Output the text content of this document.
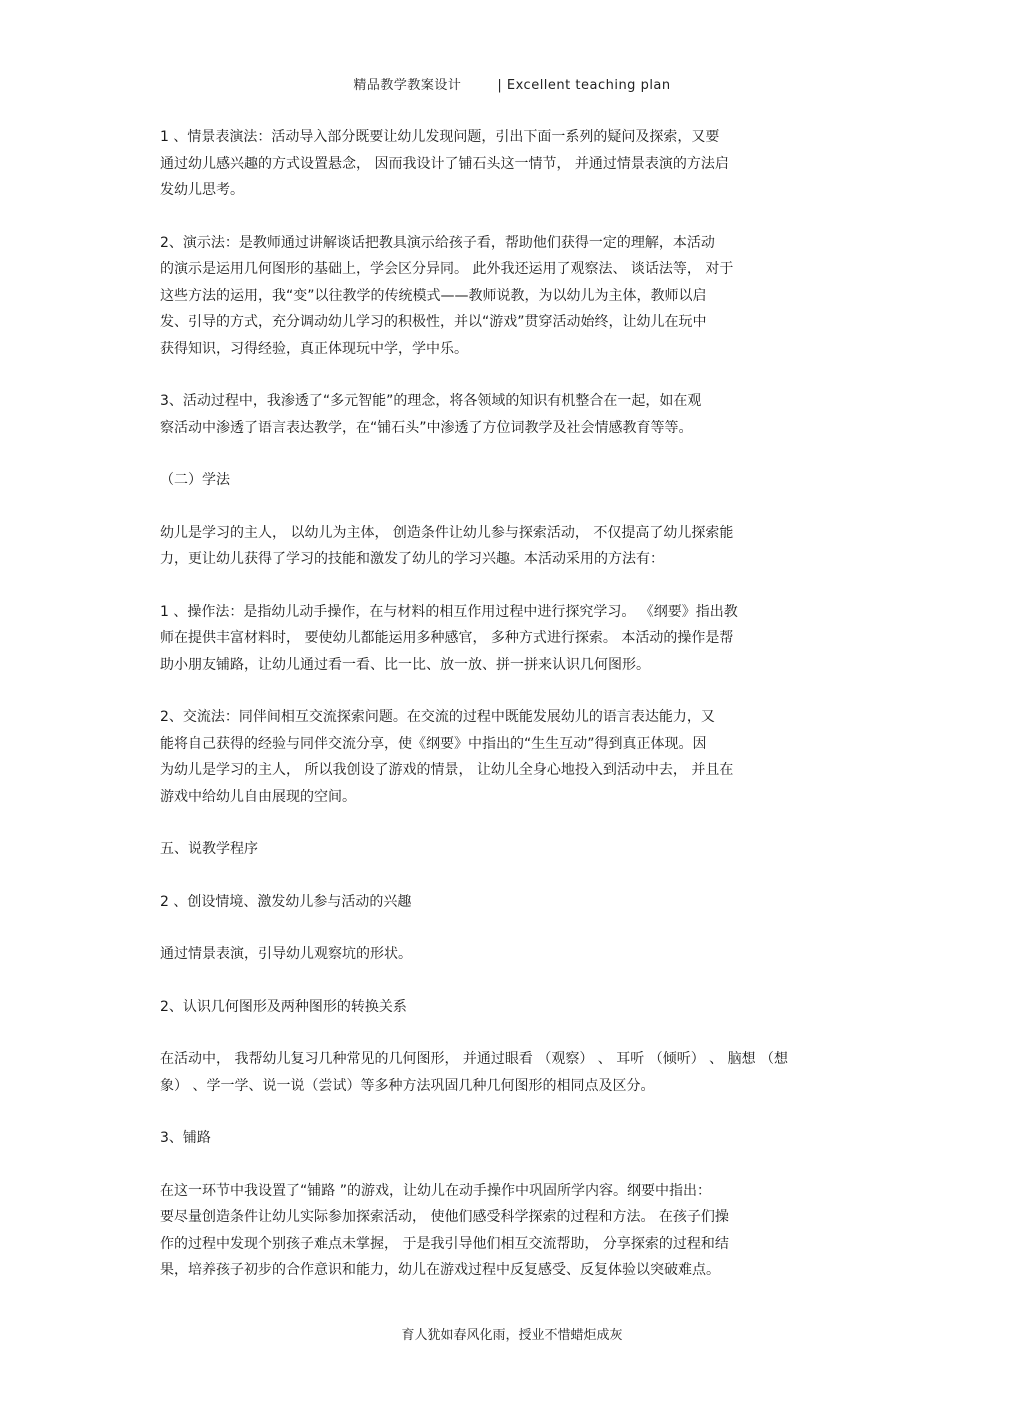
精品教学教案设计	| Excellent teaching plan

1 、情景表演法：活动导入部分既要让幼儿发现问题，引出下面一系列的疑问及探索，又要
通过幼儿感兴趣的方式设置悬念， 因而我设计了铺石头这一情节， 并通过情景表演的方法启
发幼儿思考。

2、演示法：是教师通过讲解谈话把教具演示给孩子看，帮助他们获得一定的理解，本活动
的演示是运用几何图形的基础上，学会区分异同。 此外我还运用了观察法、 谈话法等， 对于
这些方法的运用，我“变”以往教学的传统模式——教师说教，为以幼儿为主体，教师以启
发、引导的方式，充分调动幼儿学习的积极性，并以“游戏”贯穿活动始终，让幼儿在玩中
获得知识，习得经验，真正体现玩中学，学中乐。

3、活动过程中，我渗透了“多元智能”的理念，将各领域的知识有机整合在一起，如在观
察活动中渗透了语言表达教学，在“铺石头”中渗透了方位词教学及社会情感教育等等。

（二）学法

幼儿是学习的主人， 以幼儿为主体， 创造条件让幼儿参与探索活动， 不仅提高了幼儿探索能
力，更让幼儿获得了学习的技能和激发了幼儿的学习兴趣。本活动采用的方法有：

1 、操作法：是指幼儿动手操作，在与材料的相互作用过程中进行探究学习。 《纲要》指出教
师在提供丰富材料时， 要使幼儿都能运用多种感官， 多种方式进行探索。 本活动的操作是帮
助小朋友铺路，让幼儿通过看一看、比一比、放一放、拼一拼来认识几何图形。

2、交流法：同伴间相互交流探索问题。在交流的过程中既能发展幼儿的语言表达能力，又
能将自己获得的经验与同伴交流分享，使《纲要》中指出的“生生互动”得到真正体现。因
为幼儿是学习的主人， 所以我创设了游戏的情景， 让幼儿全身心地投入到活动中去， 并且在
游戏中给幼儿自由展现的空间。

五、说教学程序

2 、创设情境、激发幼儿参与活动的兴趣

通过情景表演，引导幼儿观察坑的形状。

2、认识几何图形及两种图形的转换关系

在活动中， 我帮幼儿复习几种常见的几何图形， 并通过眼看 （观察） 、 耳听 （倾听） 、 脑想 （想
象） 、学一学、说一说（尝试）等多种方法巩固几种几何图形的相同点及区分。

3、铺路

在这一环节中我设置了“铺路 ”的游戏，让幼儿在动手操作中巩固所学内容。纲要中指出：
要尽量创造条件让幼儿实际参加探索活动， 使他们感受科学探索的过程和方法。 在孩子们操
作的过程中发现个别孩子难点未掌握， 于是我引导他们相互交流帮助， 分享探索的过程和结
果，培养孩子初步的合作意识和能力，幼儿在游戏过程中反复感受、反复体验以突破难点。

育人犹如春风化雨，授业不惜蜡炬成灰
